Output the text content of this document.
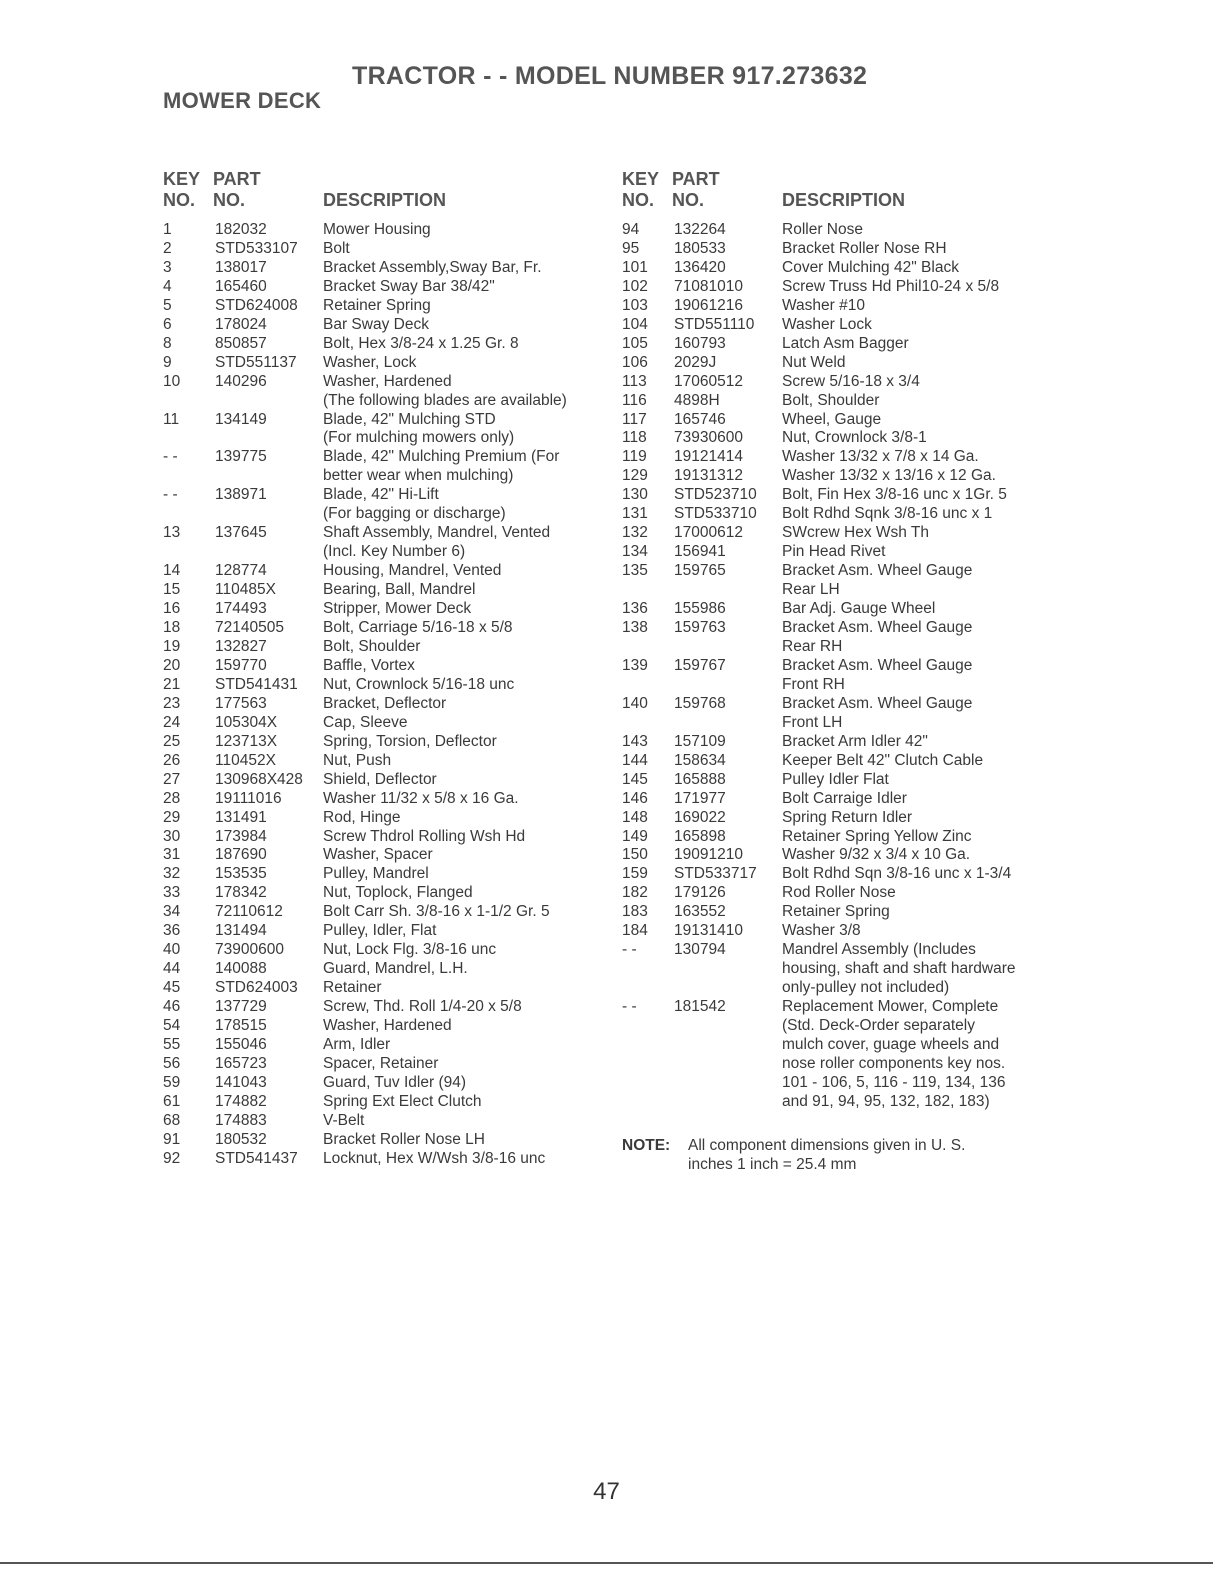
TRACTOR - - MODEL NUMBER 917.273632
MOWER DECK
KEY
NO.
PART
NO.	DESCRIPTION
1	182032	Mower Housing
2	STD533107 Bolt
3	138017	Bracket Assembly,Sway Bar, Fr.
4	165460	Bracket Sway Bar 38/42"
5	STD624008 Retainer Spring
6	178024	Bar Sway Deck
8	850857	Bolt, Hex 3/8-24 x 1.25 Gr. 8
9	STD551137 Washer, Lock
10 140296	Washer, Hardened
(The following blades are available)
11 134149	Blade, 42" Mulching STD
(For mulching mowers only)
- - 139775	Blade, 42" Mulching Premium (For
better wear when mulching)
- - 138971	Blade, 42" Hi-Lift
(For bagging or discharge)
13 137645	Shaft Assembly, Mandrel, Vented
(Incl. Key Number 6)
14 128774	Housing, Mandrel, Vented
15 110485X	Bearing, Ball, Mandrel
16 174493	Stripper, Mower Deck
18 72140505	Bolt, Carriage 5/16-18 x 5/8
19 132827	Bolt, Shoulder
20 159770	Baffle, Vortex
21 STD541431 Nut, Crownlock 5/16-18 unc
23 177563	Bracket, Deflector
24 105304X	Cap, Sleeve
25 123713X	Spring, Torsion, Deflector
26 110452X	Nut, Push
27 130968X428 Shield, Deflector
28 19111016	Washer 11/32 x 5/8 x 16 Ga.
29 131491	Rod, Hinge
30 173984	Screw Thdrol Rolling Wsh Hd
31 187690	Washer, Spacer
32 153535	Pulley, Mandrel
33 178342	Nut, Toplock, Flanged
34 72110612	Bolt Carr Sh. 3/8-16 x 1-1/2 Gr. 5
36 131494	Pulley, Idler, Flat
40 73900600	Nut, Lock Flg. 3/8-16 unc
44 140088	Guard, Mandrel, L.H.
45 STD624003 Retainer
46 137729	Screw, Thd. Roll 1/4-20 x 5/8
54 178515	Washer, Hardened
55 155046	Arm, Idler
56 165723	Spacer, Retainer
59 141043	Guard, Tuv Idler (94)
61 174882	Spring Ext Elect Clutch
68 174883	V-Belt
91 180532	Bracket Roller Nose LH
92 STD541437 Locknut, Hex W/Wsh 3/8-16 unc
KEY
NO.
PART
NO.	DESCRIPTION
94 132264	Roller Nose
95 180533	Bracket Roller Nose RH
101 136420	Cover Mulching 42" Black
102 71081010	Screw Truss Hd Phil10-24 x 5/8
103 19061216	Washer #10
104 STD551110 Washer Lock
105 160793	Latch Asm Bagger
106 2029J	Nut Weld
113 17060512	Screw 5/16-18 x 3/4
116 4898H	Bolt, Shoulder
117 165746	Wheel, Gauge
118 73930600	Nut, Crownlock 3/8-1
119 19121414	Washer 13/32 x 7/8 x 14 Ga.
129 19131312	Washer 13/32 x 13/16 x 12 Ga.
130 STD523710 Bolt, Fin Hex 3/8-16 unc x 1Gr. 5
131 STD533710 Bolt Rdhd Sqnk 3/8-16 unc x 1
132 17000612	SWcrew Hex Wsh Th
134 156941	Pin Head Rivet
135 159765	Bracket Asm. Wheel Gauge
Rear LH
136 155986	Bar Adj. Gauge Wheel
138 159763	Bracket Asm. Wheel Gauge
Rear RH
139 159767	Bracket Asm. Wheel Gauge
Front RH
140 159768	Bracket Asm. Wheel Gauge
Front LH
143 157109	Bracket Arm Idler 42"
144 158634	Keeper Belt 42" Clutch Cable
145 165888	Pulley Idler Flat
146 171977	Bolt Carraige Idler
148 169022	Spring Return Idler
149 165898	Retainer Spring Yellow Zinc
150 19091210	Washer 9/32 x 3/4 x 10 Ga.
159 STD533717 Bolt Rdhd Sqn 3/8-16 unc x 1-3/4
182 179126	Rod Roller Nose
183 163552	Retainer Spring
184 19131410	Washer 3/8
- - 130794	Mandrel Assembly (Includes
housing, shaft and shaft hardware
only-pulley not included)
- - 181542	Replacement Mower, Complete
(Std. Deck-Order separately
mulch cover, guage wheels and
nose roller components key nos.
101 - 106, 5, 116 - 119, 134, 136
and 91, 94, 95, 132, 182, 183)
NOTE: All component dimensions given in U. S.
inches 1 inch = 25.4 mm
47
